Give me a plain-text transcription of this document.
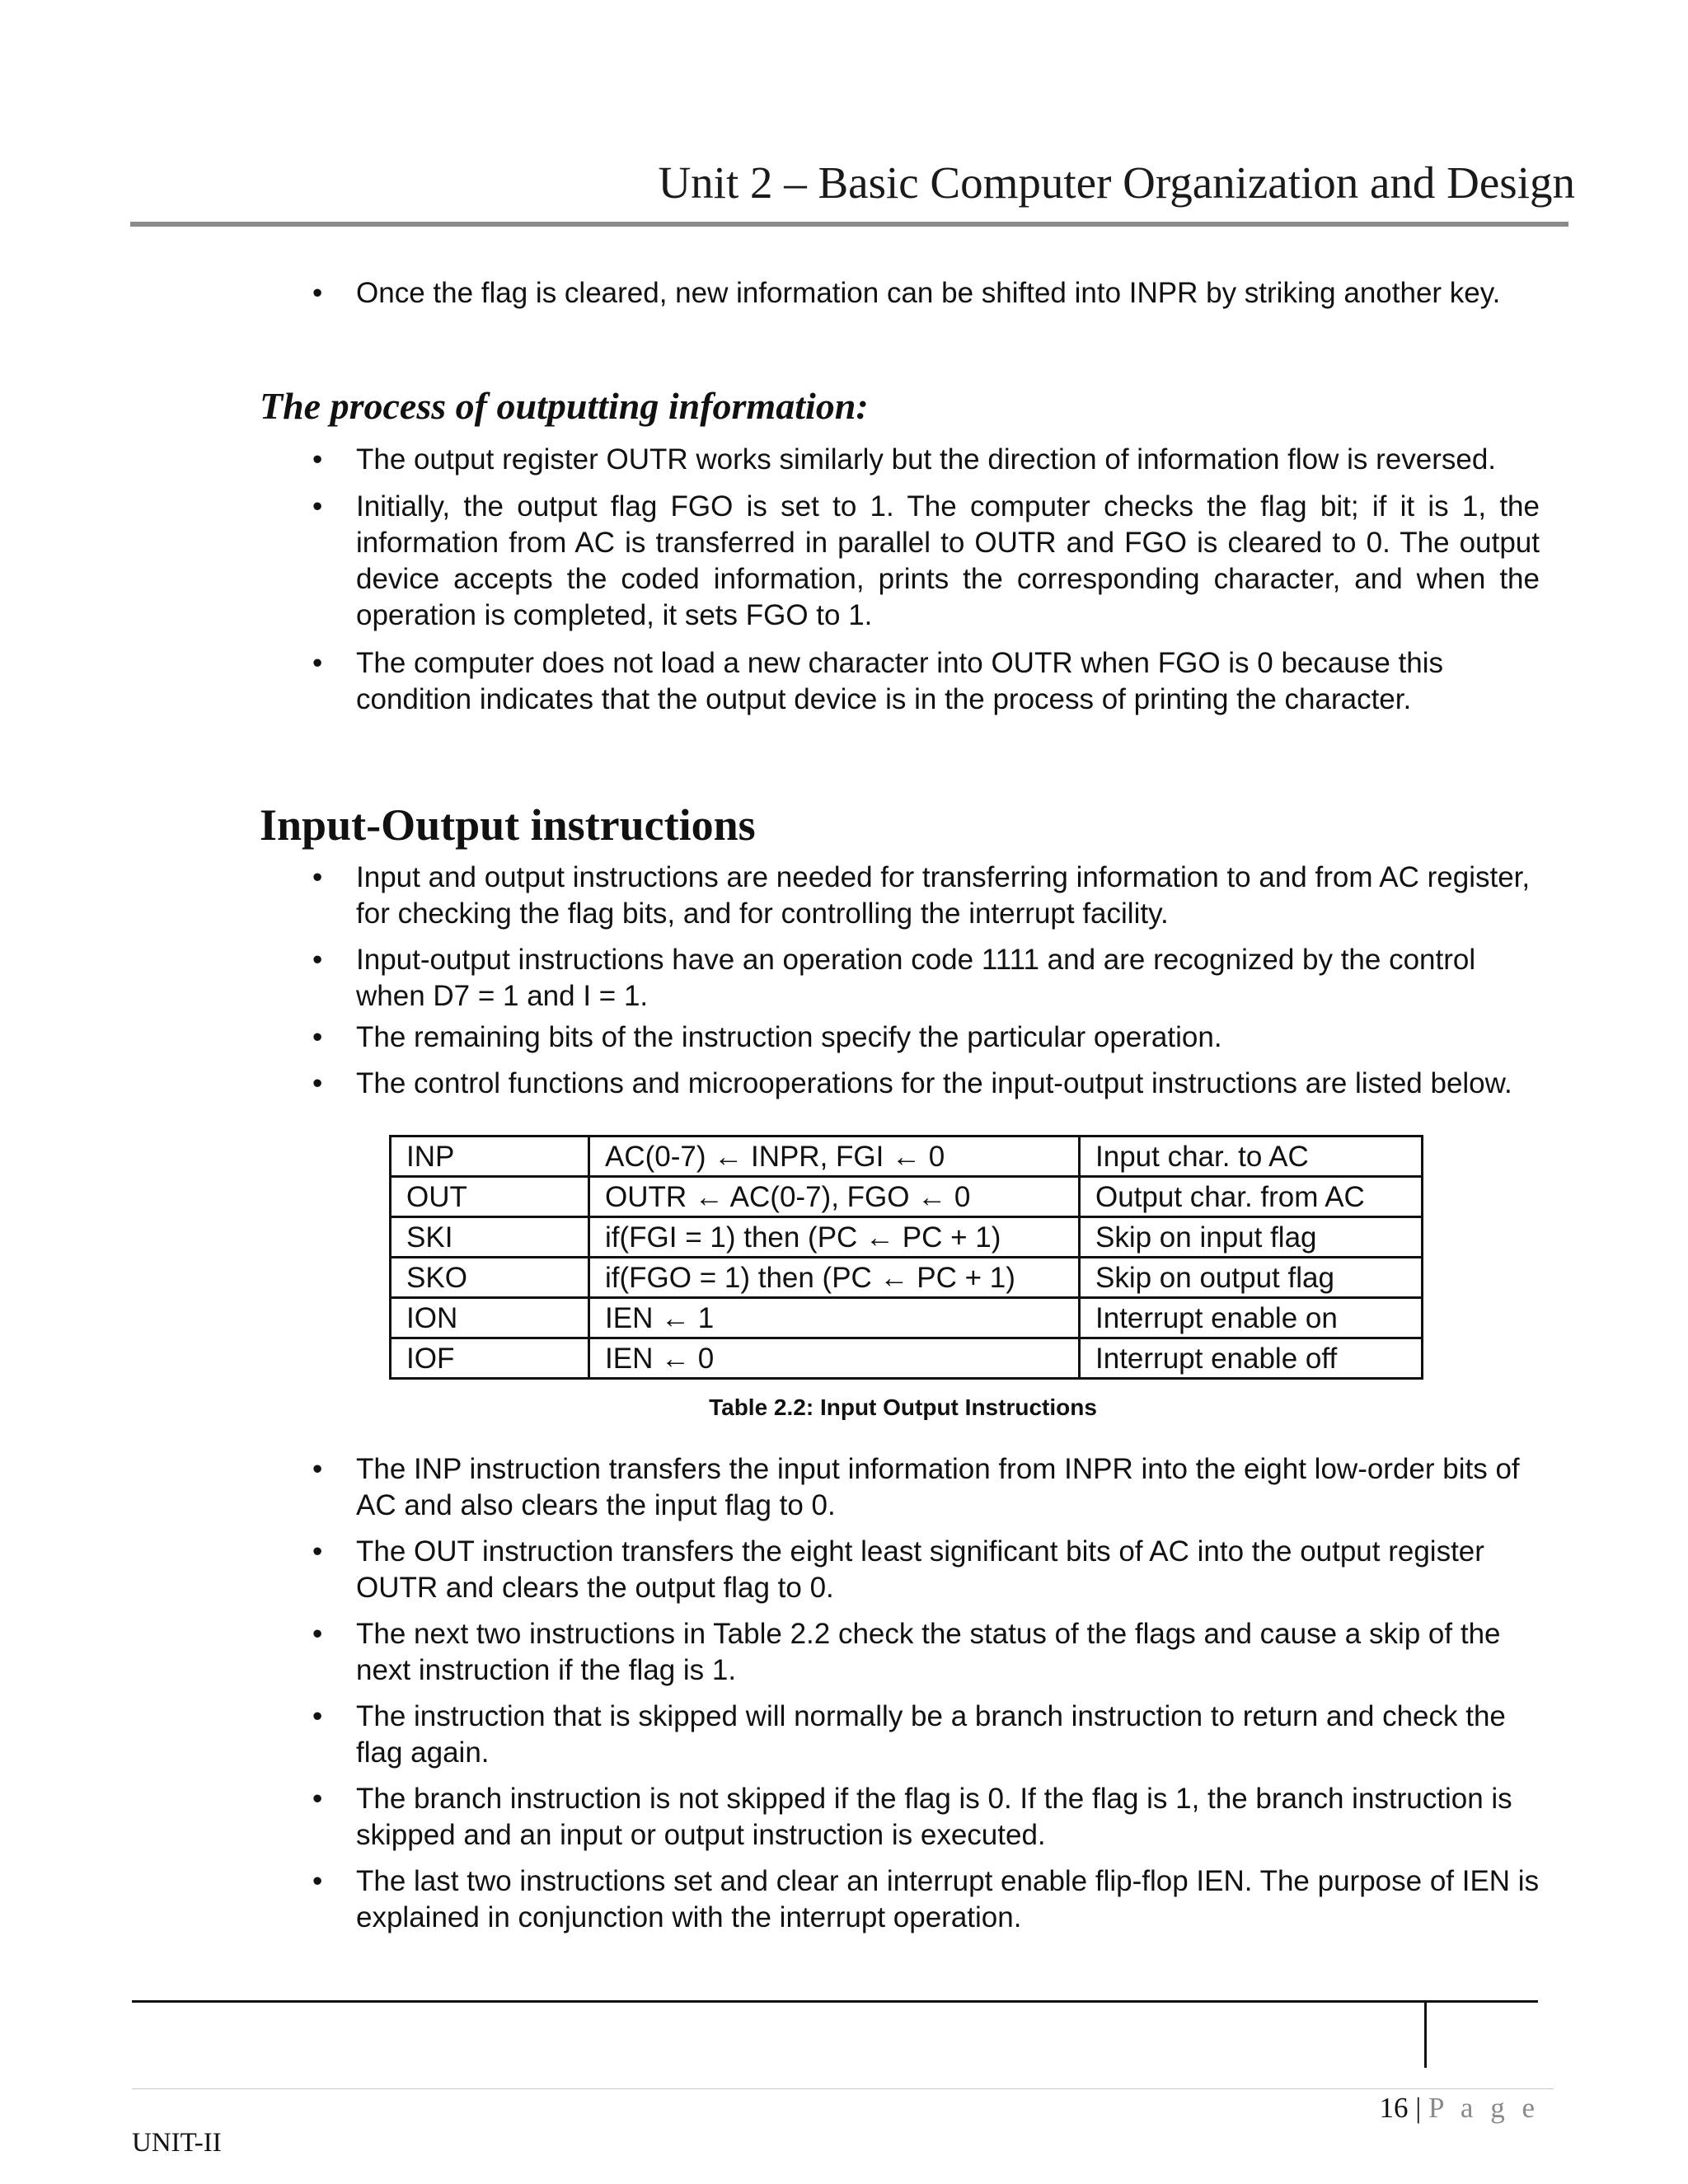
Unit 2 – Basic Computer Organization and Design
• Once the flag is cleared, new information can be shifted into INPR by striking another key.
The process of outputting information:
• The output register OUTR works similarly but the direction of information flow is reversed.
• Initially, the output flag FGO is set to 1. The computer checks the flag bit; if it is 1, the information from AC is transferred in parallel to OUTR and FGO is cleared to 0. The output device accepts the coded information, prints the corresponding character, and when the operation is completed, it sets FGO to 1.
• The computer does not load a new character into OUTR when FGO is 0 because this condition indicates that the output device is in the process of printing the character.
Input-Output instructions
• Input and output instructions are needed for transferring information to and from AC register, for checking the flag bits, and for controlling the interrupt facility.
• Input-output instructions have an operation code 1111 and are recognized by the control when D7 = 1 and I = 1.
• The remaining bits of the instruction specify the particular operation.
• The control functions and microoperations for the input-output instructions are listed below.
INP	AC(0-7) ← INPR, FGI ← 0	Input char. to AC
OUT	OUTR ← AC(0-7), FGO ← 0	Output char. from AC
SKI	if(FGI = 1) then (PC ← PC + 1)	Skip on input flag
SKO	if(FGO = 1) then (PC ← PC + 1)	Skip on output flag
ION	IEN ← 1	Interrupt enable on
IOF	IEN ← 0	Interrupt enable off
Table 2.2: Input Output Instructions
• The INP instruction transfers the input information from INPR into the eight low-order bits of AC and also clears the input flag to 0.
• The OUT instruction transfers the eight least significant bits of AC into the output register OUTR and clears the output flag to 0.
• The next two instructions in Table 2.2 check the status of the flags and cause a skip of the next instruction if the flag is 1.
• The instruction that is skipped will normally be a branch instruction to return and check the flag again.
• The branch instruction is not skipped if the flag is 0. If the flag is 1, the branch instruction is skipped and an input or output instruction is executed.
• The last two instructions set and clear an interrupt enable flip-flop IEN. The purpose of IEN is explained in conjunction with the interrupt operation.
16 | P a g e
UNIT-II
